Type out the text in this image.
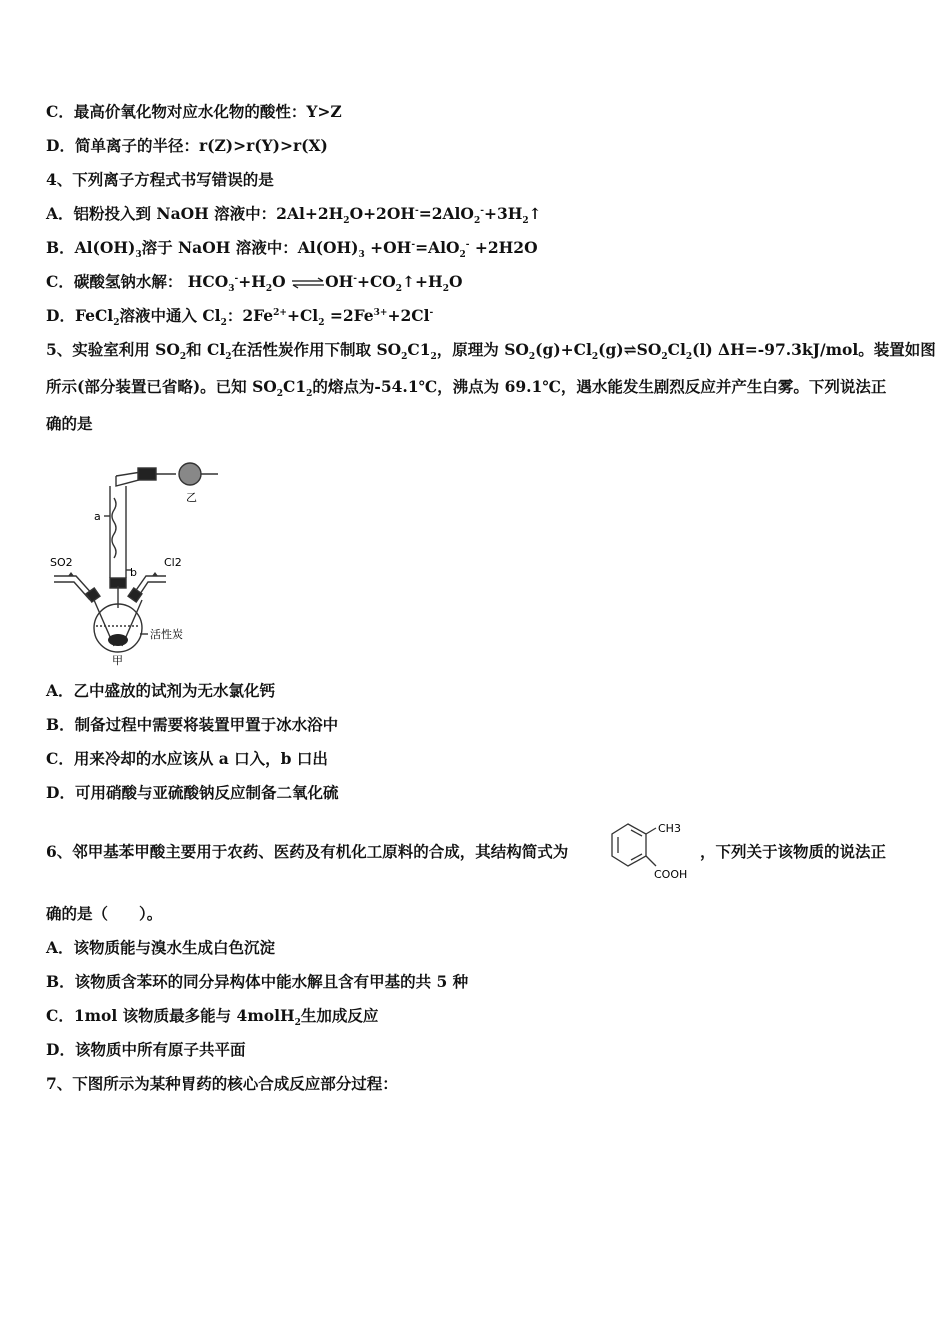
C．最高价氧化物对应水化物的酸性：Y>Z
D．简单离子的半径：r(Z)>r(Y)>r(X)
4、下列离子方程式书写错误的是
A．铝粉投入到 NaOH 溶液中：$2Al+2H_2O+2OH^-=2AlO_2^-+3H_2↑$
B．$Al(OH)_3$溶于 NaOH 溶液中：$Al(OH)_3 +OH^-=AlO_2^- +2H2O$
C．碳酸氢钠水解： $HCO_3^-+H_2O$ $\rightleftharpoons OH^-+CO_2↑+H_2O$
D．FeCl$_2$溶液中通入 $Cl_2$：$2Fe^{2+}+Cl_2 =2Fe^{3+}+2Cl^-$
5、实验室利用 $SO_2$和 $Cl_2$在活性炭作用下制取 $SO_2C1_2$，原理为 $SO_2(g)+Cl_2(g)\rightleftharpoons SO_2Cl_2(l)$ ΔH=-97.3kJ/mol。装置如图
所示(部分装置已省略)。已知 $SO_2C1_2$的熔点为-54.1℃，沸点为 69.1℃，遇水能发生剧烈反应并产生白雾。下列说法正
确的是
乙
a
b
SO2	Cl2
活性炭
甲
A．乙中盛放的试剂为无水氯化钙
B．制备过程中需要将装置甲置于冰水浴中
C．用来冷却的水应该从 a 口入，b 口出
D．可用硝酸与亚硫酸钠反应制备二氧化硫
6、邻甲基苯甲酸主要用于农药、医药及有机化工原料的合成，其结构简式为
CH3
COOH
，下列关于该物质的说法正
确的是（　　）。
A．该物质能与溴水生成白色沉淀
B．该物质含苯环的同分异构体中能水解且含有甲基的共 5 种
C．1mol 该物质最多能与 4molH$_2$生加成反应
D．该物质中所有原子共平面
7、下图所示为某种胃药的核心合成反应部分过程：
